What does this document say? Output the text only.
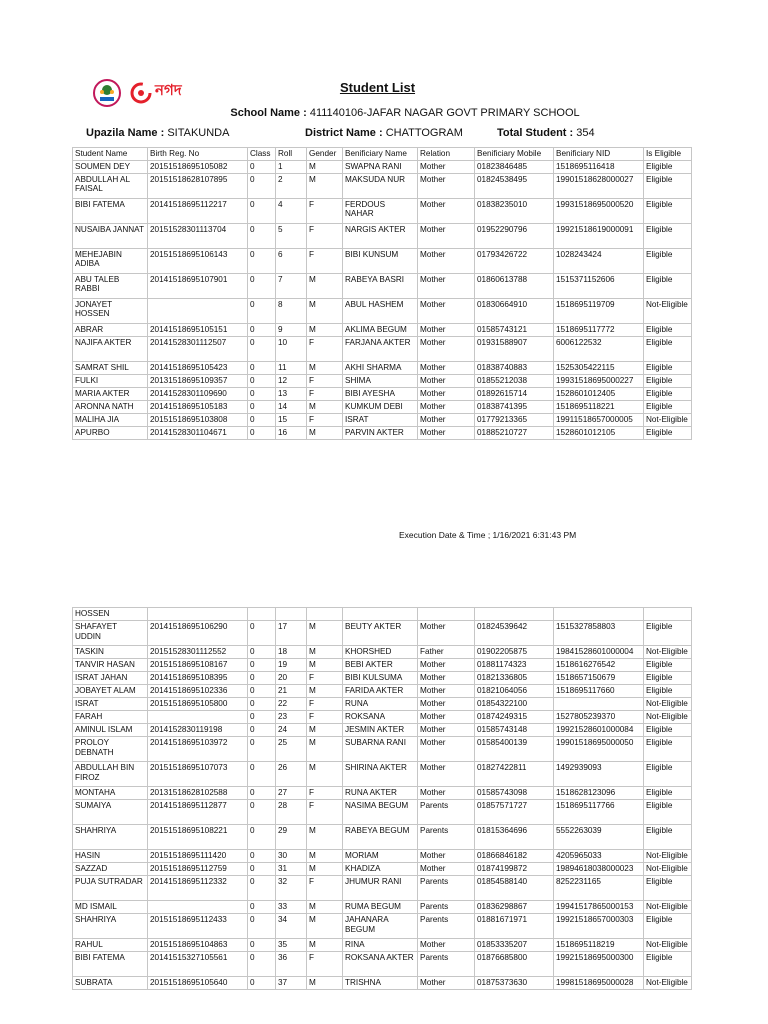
নগদ
	Student List
School Name : 411140106-JAFAR NAGAR GOVT PRIMARY SCHOOL
Upazila Name : SITAKUNDA	District Name : CHATTOGRAM	Total Student : 354
Student Name	Birth Reg. No	Class	Roll	Gender	Benificiary Name	Relation	Benificiary Mobile	Benificiary NID	Is Eligible
SOUMEN DEY	20151518695105082	0	1	M	SWAPNA RANI	Mother	01823846485	1518695116418	Eligible
ABDULLAH AL FAISAL	20151518628107895	0	2	M	MAKSUDA NUR	Mother	01824538495	19901518628000027	Eligible
BIBI FATEMA	20141518695112217	0	4	F	FERDOUS NAHAR	Mother	01838235010	19931518695000520	Eligible
NUSAIBA JANNAT	20151528301113704	0	5	F	NARGIS AKTER	Mother	01952290796	19921518619000091	Eligible
MEHEJABIN ADIBA	20151518695106143	0	6	F	BIBI KUNSUM	Mother	01793426722	1028243424	Eligible
ABU TALEB RABBI	20141518695107901	0	7	M	RABEYA BASRI	Mother	01860613788	1515371152606	Eligible
JONAYET HOSSEN		0	8	M	ABUL HASHEM	Mother	01830664910	1518695119709	Not-Eligible
ABRAR	20141518695105151	0	9	M	AKLIMA BEGUM	Mother	01585743121	1518695117772	Eligible
NAJIFA AKTER	20141528301112507	0	10	F	FARJANA AKTER	Mother	01931588907	6006122532	Eligible
SAMRAT SHIL	20141518695105423	0	11	M	AKHI SHARMA	Mother	01838740883	1525305422115	Eligible
FULKI	20131518695109357	0	12	F	SHIMA	Mother	01855212038	19931518695000227	Eligible
MARIA AKTER	20141528301109690	0	13	F	BIBI AYESHA	Mother	01892615714	1528601012405	Eligible
ARONNA NATH	20141518695105183	0	14	M	KUMKUM DEBI	Mother	01838741395	1518695118221	Eligible
MALIHA JIA	20151518695103808	0	15	F	ISRAT	Mother	01779213365	19911518657000005	Not-Eligible
APURBO	20141528301104671	0	16	M	PARVIN AKTER	Mother	01885210727	1528601012105	Eligible
Execution Date & Time ; 1/16/2021 6:31:43 PM
HOSSEN									
SHAFAYET UDDIN	20141518695106290	0	17	M	BEUTY AKTER	Mother	01824539642	1515327858803	Eligible
TASKIN	20151528301112552	0	18	M	KHORSHED	Father	01902205875	19841528601000004	Not-Eligible
TANVIR HASAN	20151518695108167	0	19	M	BEBI AKTER	Mother	01881174323	1518616276542	Eligible
ISRAT JAHAN	20141518695108395	0	20	F	BIBI KULSUMA	Mother	01821336805	1518657150679	Eligible
JOBAYET ALAM	20141518695102336	0	21	M	FARIDA AKTER	Mother	01821064056	1518695117660	Eligible
ISRAT	20151518695105800	0	22	F	RUNA	Mother	01854322100		Not-Eligible
FARAH		0	23	F	ROKSANA	Mother	01874249315	1527805239370	Not-Eligible
AMINUL ISLAM	2014152830119198	0	24	M	JESMIN AKTER	Mother	01585743148	19921528601000084	Eligible
PROLOY DEBNATH	20141518695103972	0	25	M	SUBARNA RANI	Mother	01585400139	19901518695000050	Eligible
ABDULLAH BIN FIROZ	20151518695107073	0	26	M	SHIRINA AKTER	Mother	01827422811	1492939093	Eligible
MONTAHA	20131518628102588	0	27	F	RUNA AKTER	Mother	01585743098	1518628123096	Eligible
SUMAIYA	20141518695112877	0	28	F	NASIMA BEGUM	Parents	01857571727	1518695117766	Eligible
SHAHRIYA	20151518695108221	0	29	M	RABEYA BEGUM	Parents	01815364696	5552263039	Eligible
HASIN	20151518695111420	0	30	M	MORIAM	Mother	01866846182	4205965033	Not-Eligible
SAZZAD	20151518695112759	0	31	M	KHADIZA	Mother	01874199872	19894618038000023	Not-Eligible
PUJA SUTRADAR	20141518695112332	0	32	F	JHUMUR RANI	Parents	01854588140	8252231165	Eligible
MD ISMAIL		0	33	M	RUMA BEGUM	Parents	01836298867	19941517865000153	Not-Eligible
SHAHRIYA	20151518695112433	0	34	M	JAHANARA BEGUM	Parents	01881671971	19921518657000303	Eligible
RAHUL	20151518695104863	0	35	M	RINA	Mother	01853335207	1518695118219	Not-Eligible
BIBI FATEMA	20141515327105561	0	36	F	ROKSANA AKTER	Parents	01876685800	19921518695000300	Eligible
SUBRATA	20151518695105640	0	37	M	TRISHNA	Mother	01875373630	19981518695000028	Not-Eligible
